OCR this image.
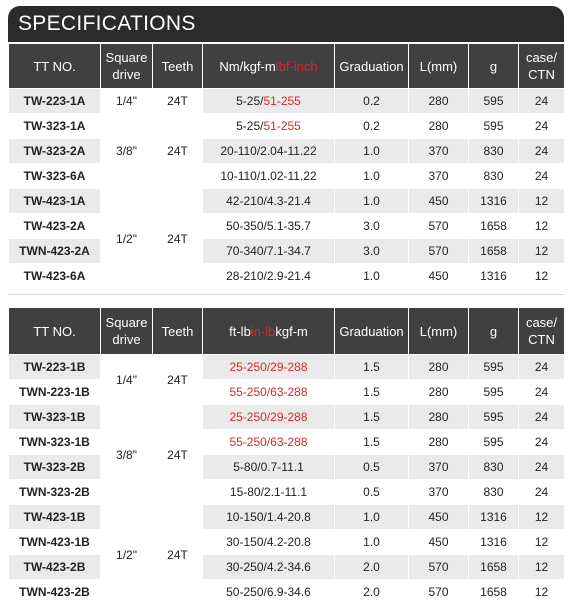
SPECIFICATIONS
TT NO.	Square drive	Teeth	Nm/kgf-mlbf·inch	Graduation	L(mm)	g	case/ CTN
TW-223-1A	1/4"	24T	5-25/51-255	0.2	280	595	24
TW-323-1A	3/8"	24T	5-25/51-255	0.2	280	595	24
TW-323-2A			20-110/2.04-11.22	1.0	370	830	24
TW-323-6A			10-110/1.02-11.22	1.0	370	830	24
TW-423-1A	1/2"	24T	42-210/4.3-21.4	1.0	450	1316	12
TW-423-2A			50-350/5.1-35.7	3.0	570	1658	12
TWN-423-2A			70-340/7.1-34.7	3.0	570	1658	12
TW-423-6A			28-210/2.9-21.4	1.0	450	1316	12
TT NO.	Square drive	Teeth	ft-lbin·lbkgf-m	Graduation	L(mm)	g	case/ CTN
TW-223-1B	1/4"	24T	25-250/29-288	1.5	280	595	24
TWN-223-1B			55-250/63-288	1.5	280	595	24
TW-323-1B	3/8"	24T	25-250/29-288	1.5	280	595	24
TWN-323-1B			55-250/63-288	1.5	280	595	24
TW-323-2B			5-80/0.7-11.1	0.5	370	830	24
TWN-323-2B			15-80/2.1-11.1	0.5	370	830	24
TW-423-1B	1/2"	24T	10-150/1.4-20.8	1.0	450	1316	12
TWN-423-1B			30-150/4.2-20.8	1.0	450	1316	12
TW-423-2B			30-250/4.2-34.6	2.0	570	1658	12
TWN-423-2B			50-250/6.9-34.6	2.0	570	1658	12
